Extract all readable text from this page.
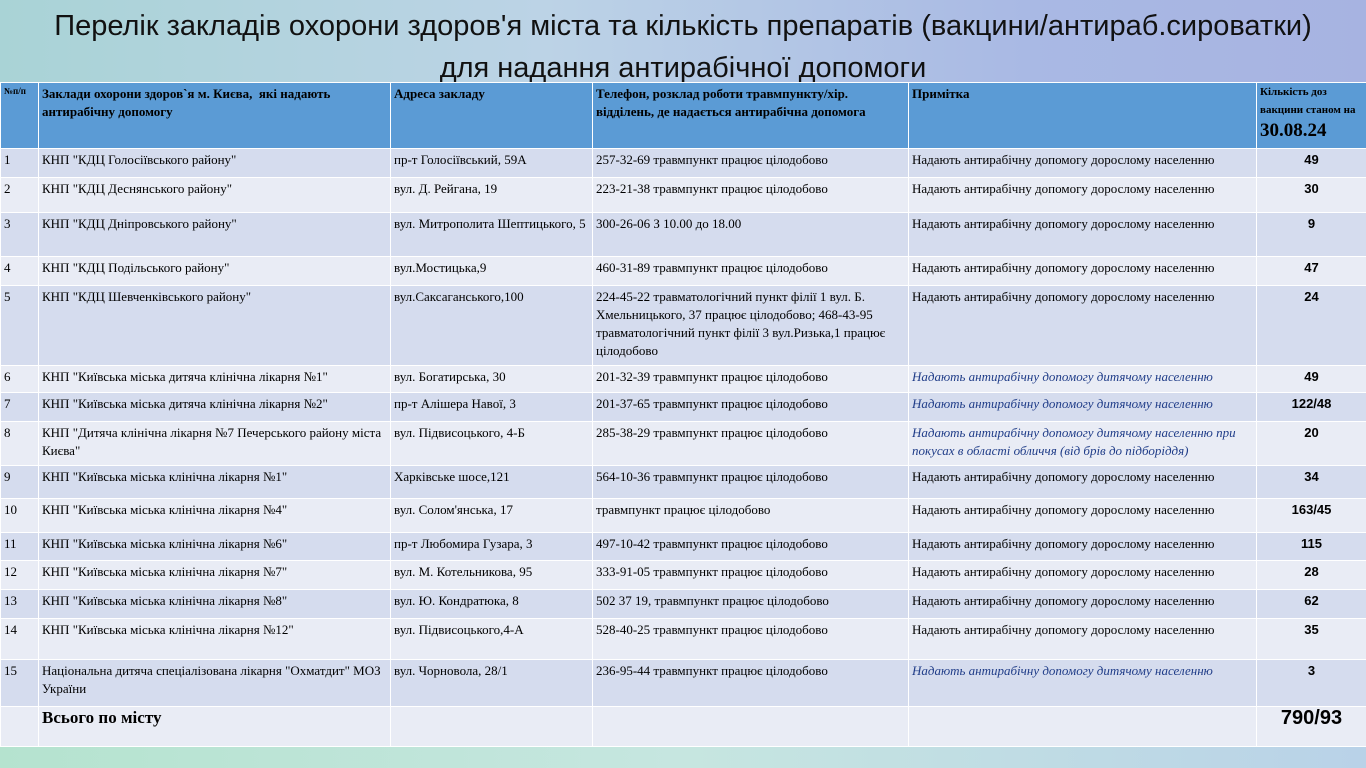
Перелік закладів охорони здоров'я міста та кількість препаратів (вакцини/антираб.сироватки)
для надання антирабічної допомоги
№п/п	Заклади охорони здоров`я м. Києва,  які надають антирабічну допомогу	Адреса закладу	Телефон, розклад роботи травмпункту/хір. відділень, де надається антирабічна допомога	Примітка	Кількість доз вакцини станом на
30.08.24

1	КНП "КДЦ Голосіївського району"	пр-т Голосіївський, 59А	257-32-69 травмпункт працює цілодобово	Надають антирабічну допомогу дорослому населенню	49
2	КНП "КДЦ Деснянського району"	вул. Д. Рейгана, 19	223-21-38 травмпункт працює цілодобово	Надають антирабічну допомогу дорослому населенню	30
3	КНП "КДЦ Дніпровського району"	вул. Митрополита Шептицького, 5	300-26-06 З 10.00 до 18.00	Надають антирабічну допомогу дорослому населенню	9
4	КНП "КДЦ Подільського району"	вул.Мостицька,9	460-31-89 травмпункт працює цілодобово	Надають антирабічну допомогу дорослому населенню	47
5	КНП "КДЦ Шевченківського району"	вул.Саксаганського,100	224-45-22 травматологічний пункт філії 1 вул. Б. Хмельницького, 37 працює цілодобово; 468-43-95 травматологічний пункт філії 3 вул.Ризька,1 працює цілодобово	Надають антирабічну допомогу дорослому населенню	24
6	КНП "Київська міська дитяча клінічна лікарня №1"	вул. Богатирська, 30	201-32-39 травмпункт працює цілодобово	Надають антирабічну допомогу дитячому населенню	49
7	КНП "Київська міська дитяча клінічна лікарня №2"	пр-т Алішера Навої, 3	201-37-65 травмпункт працює цілодобово	Надають антирабічну допомогу дитячому населенню	122/48
8	КНП "Дитяча клінічна лікарня №7 Печерського району міста Києва"	вул. Підвисоцького, 4-Б	285-38-29 травмпункт працює цілодобово	Надають антирабічну допомогу дитячому населенню при покусах в області обличчя (від брів до підборіддя)	20
9	КНП "Київська міська клінічна лікарня №1"	Харківське шосе,121	564-10-36 травмпункт працює цілодобово	Надають антирабічну допомогу дорослому населенню	34
10	КНП "Київська міська клінічна лікарня №4"	вул. Солом'янська, 17	травмпункт працює цілодобово	Надають антирабічну допомогу дорослому населенню	163/45
11	КНП "Київська міська клінічна лікарня №6"	пр-т Любомира Гузара, 3	497-10-42 травмпункт працює цілодобово	Надають антирабічну допомогу дорослому населенню	115
12	КНП "Київська міська клінічна лікарня №7"	вул. М. Котельникова, 95	333-91-05 травмпункт працює цілодобово	Надають антирабічну допомогу дорослому населенню	28
13	КНП "Київська міська клінічна лікарня №8"	вул. Ю. Кондратюка, 8	502 37 19, травмпункт працює цілодобово	Надають антирабічну допомогу дорослому населенню	62
14	КНП "Київська міська клінічна лікарня №12"	вул. Підвисоцького,4-А	528-40-25 травмпункт працює цілодобово	Надають антирабічну допомогу дорослому населенню	35
15	Національна дитяча спеціалізована лікарня "Охматдит" МОЗ України	вул. Чорновола, 28/1	236-95-44 травмпункт працює цілодобово	Надають антирабічну допомогу дитячому населенню	3
	Всього по місту				790/93
